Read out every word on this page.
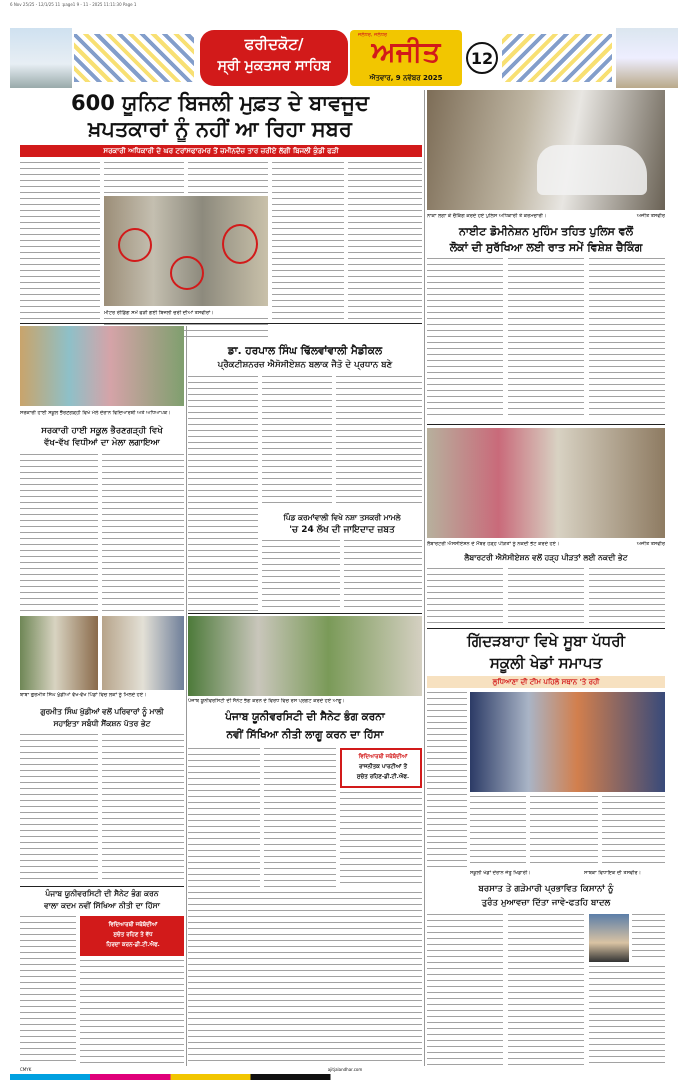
6 Nov 25/25 - 12/1/25 11 :page1 9 - 11 - 2025 11:11:30 Page 1
ਫਰੀਦਕੋਟ/
ਸ੍ਰੀ ਮੁਕਤਸਰ ਸਾਹਿਬ
ਜਲੰਧਰ, ਜਲੰਧਰ
ਅਜੀਤ
ਐਤਵਾਰ, 9 ਨਵੰਬਰ 2025
12
600 ਯੂਨਿਟ ਬਿਜਲੀ ਮੁਫ਼ਤ ਦੇ ਬਾਵਜੂਦ
ਖ਼ਪਤਕਾਰਾਂ ਨੂੰ ਨਹੀਂ ਆ ਰਿਹਾ ਸਬਰ
ਸਰਕਾਰੀ ਅਧਿਕਾਰੀ ਦੇ ਘਰ ਟਰਾਂਸਫਾਰਮਰ ਤੋਂ ਜ਼ਮੀਨਦੋਜ਼ ਤਾਰ ਜ਼ਰੀਏ ਲੱਗੀ ਬਿਜਲੀ ਕੁੰਡੀ ਫੜੀ
ਮੀਟਰ ਰੀਡਿੰਗ ਸਮੇਂ ਫੜੀ ਗਈ ਬਿਜਲੀ ਚੋਰੀ ਦੀਆਂ ਤਸਵੀਰਾਂ।
ਨਾਕਾ ਲਗਾ ਕੇ ਚੈਕਿੰਗ ਕਰਦੇ ਹੋਏ ਪੁਲਿਸ ਅਧਿਕਾਰੀ ਤੇ ਕਰਮਚਾਰੀ।	ਅਜੀਤ ਤਸਵੀਰ
ਨਾਈਟ ਡੋਮੀਨੇਸ਼ਨ ਮੁਹਿੰਮ ਤਹਿਤ ਪੁਲਿਸ ਵਲੋਂ
ਲੋਕਾਂ ਦੀ ਸੁਰੱਖਿਆ ਲਈ ਰਾਤ ਸਮੇਂ ਵਿਸ਼ੇਸ਼ ਚੈਕਿੰਗ
ਸਰਕਾਰੀ ਹਾਈ ਸਕੂਲ ਭੈਰਣਗੜ੍ਹੀ ਵਿਖੇ ਮੇਲੇ ਦੌਰਾਨ ਵਿਦਿਆਰਥੀ ਅਤੇ ਅਧਿਆਪਕ।
ਸਰਕਾਰੀ ਹਾਈ ਸਕੂਲ ਭੈਰਣਗੜ੍ਹੀ ਵਿਖੇ
ਵੱਖ-ਵੱਖ ਵਿਧੀਆਂ ਦਾ ਮੇਲਾ ਲਗਾਇਆ
ਡਾ. ਹਰਪਾਲ ਸਿੰਘ ਢਿੱਲਵਾਂਵਾਲੀ ਮੈਡੀਕਲ
ਪ੍ਰੈਕਟੀਸ਼ਨਰਜ਼ ਐਸੋਸੀਏਸ਼ਨ ਬਲਾਕ ਜੈਤੋ ਦੇ ਪ੍ਰਧਾਨ ਬਣੇ
ਪਿੰਡ ਕਰਮਾਂਵਾਲੀ ਵਿਖੇ ਨਸ਼ਾ ਤਸਕਰੀ ਮਾਮਲੇ
'ਚ 24 ਲੱਖ ਦੀ ਜਾਇਦਾਦ ਜ਼ਬਤ
ਲੈਬਾਰਟਰੀ ਐਸੋਸੀਏਸ਼ਨ ਦੇ ਮੈਂਬਰ ਹੜ੍ਹ ਪੀੜਤਾਂ ਨੂੰ ਨਕਦੀ ਭੇਟ ਕਰਦੇ ਹੋਏ।	ਅਜੀਤ ਤਸਵੀਰ
ਲੈਬਾਰਟਰੀ ਐਸੋਸੀਏਸ਼ਨ ਵਲੋਂ ਹੜ੍ਹ ਪੀੜਤਾਂ ਲਈ ਨਕਦੀ ਭੇਟ
ਗਿੱਦੜਬਾਹਾ ਵਿਖੇ ਸੂਬਾ ਪੱਧਰੀ
ਸਕੂਲੀ ਖੇਡਾਂ ਸਮਾਪਤ
ਲੁਧਿਆਣਾ ਦੀ ਟੀਮ ਪਹਿਲੇ ਸਥਾਨ 'ਤੇ ਰਹੀ
ਬਾਬਾ ਗੁਰਮੀਤ ਸਿੰਘ ਖੁੱਡੀਆਂ ਵੱਖ-ਵੱਖ ਪਿੰਡਾਂ ਵਿਚ ਲੋਕਾਂ ਨੂੰ ਮਿਲਦੇ ਹੋਏ।
ਗੁਰਮੀਤ ਸਿੰਘ ਖੁੱਡੀਆਂ ਵਲੋਂ ਪਰਿਵਾਰਾਂ ਨੂੰ ਮਾਲੀ
ਸਹਾਇਤਾ ਸਬੰਧੀ ਸੈਂਕਸ਼ਨ ਪੱਤਰ ਭੇਟ
ਪੰਜਾਬ ਯੂਨੀਵਰਸਿਟੀ ਦੀ ਸੈਨੇਟ ਭੰਗ ਕਰਨ ਦੇ ਵਿਰੋਧ ਵਿਚ ਰੋਸ ਪ੍ਰਗਟ ਕਰਦੇ ਹੋਏ ਆਗੂ।
ਪੰਜਾਬ ਯੂਨੀਵਰਸਿਟੀ ਦੀ ਸੈਨੇਟ ਭੰਗ ਕਰਨਾ
ਨਵੀਂ ਸਿੱਖਿਆ ਨੀਤੀ ਲਾਗੂ ਕਰਨ ਦਾ ਹਿੱਸਾ
ਵਿਦਿਆਰਥੀ ਜਥੇਬੰਦੀਆਂ
ਰਾਜਨੀਤਕ ਪਾਰਟੀਆਂ ਤੋਂ
ਸੁਚੇਤ ਰਹਿਣ-ਡੀ.ਟੀ.ਐਫ.
ਪੰਜਾਬ ਯੂਨੀਵਰਸਿਟੀ ਦੀ ਸੈਨੇਟ ਭੰਗ ਕਰਨ
ਵਾਲਾ ਕਦਮ ਨਵੀਂ ਸਿੱਖਿਆ ਨੀਤੀ ਦਾ ਹਿੱਸਾ
ਵਿਦਿਆਰਥੀ ਜਥੇਬੰਦੀਆਂ
ਸੁਚੇਤ ਰਹਿਣ ਤੇ ਵੱਧ
ਹਿਰਦਾ ਕਰਨ-ਡੀ.ਟੀ.ਐਫ.
ਸਕੂਲੀ ਖੇਡਾਂ ਦੌਰਾਨ ਜੇਤੂ ਖਿਡਾਰੀ।	ਸਾਬਕਾ ਵਿਧਾਇਕ ਦੀ ਤਸਵੀਰ।
ਬਰਸਾਤ ਤੇ ਗੜੇਮਾਰੀ ਪ੍ਰਭਾਵਿਤ ਕਿਸਾਨਾਂ ਨੂੰ
ਤੁਰੰਤ ਮੁਆਵਜ਼ਾ ਦਿੱਤਾ ਜਾਵੇ-ਫਤਹਿ ਬਾਦਲ
CMYK	ajitjalandhar.com
